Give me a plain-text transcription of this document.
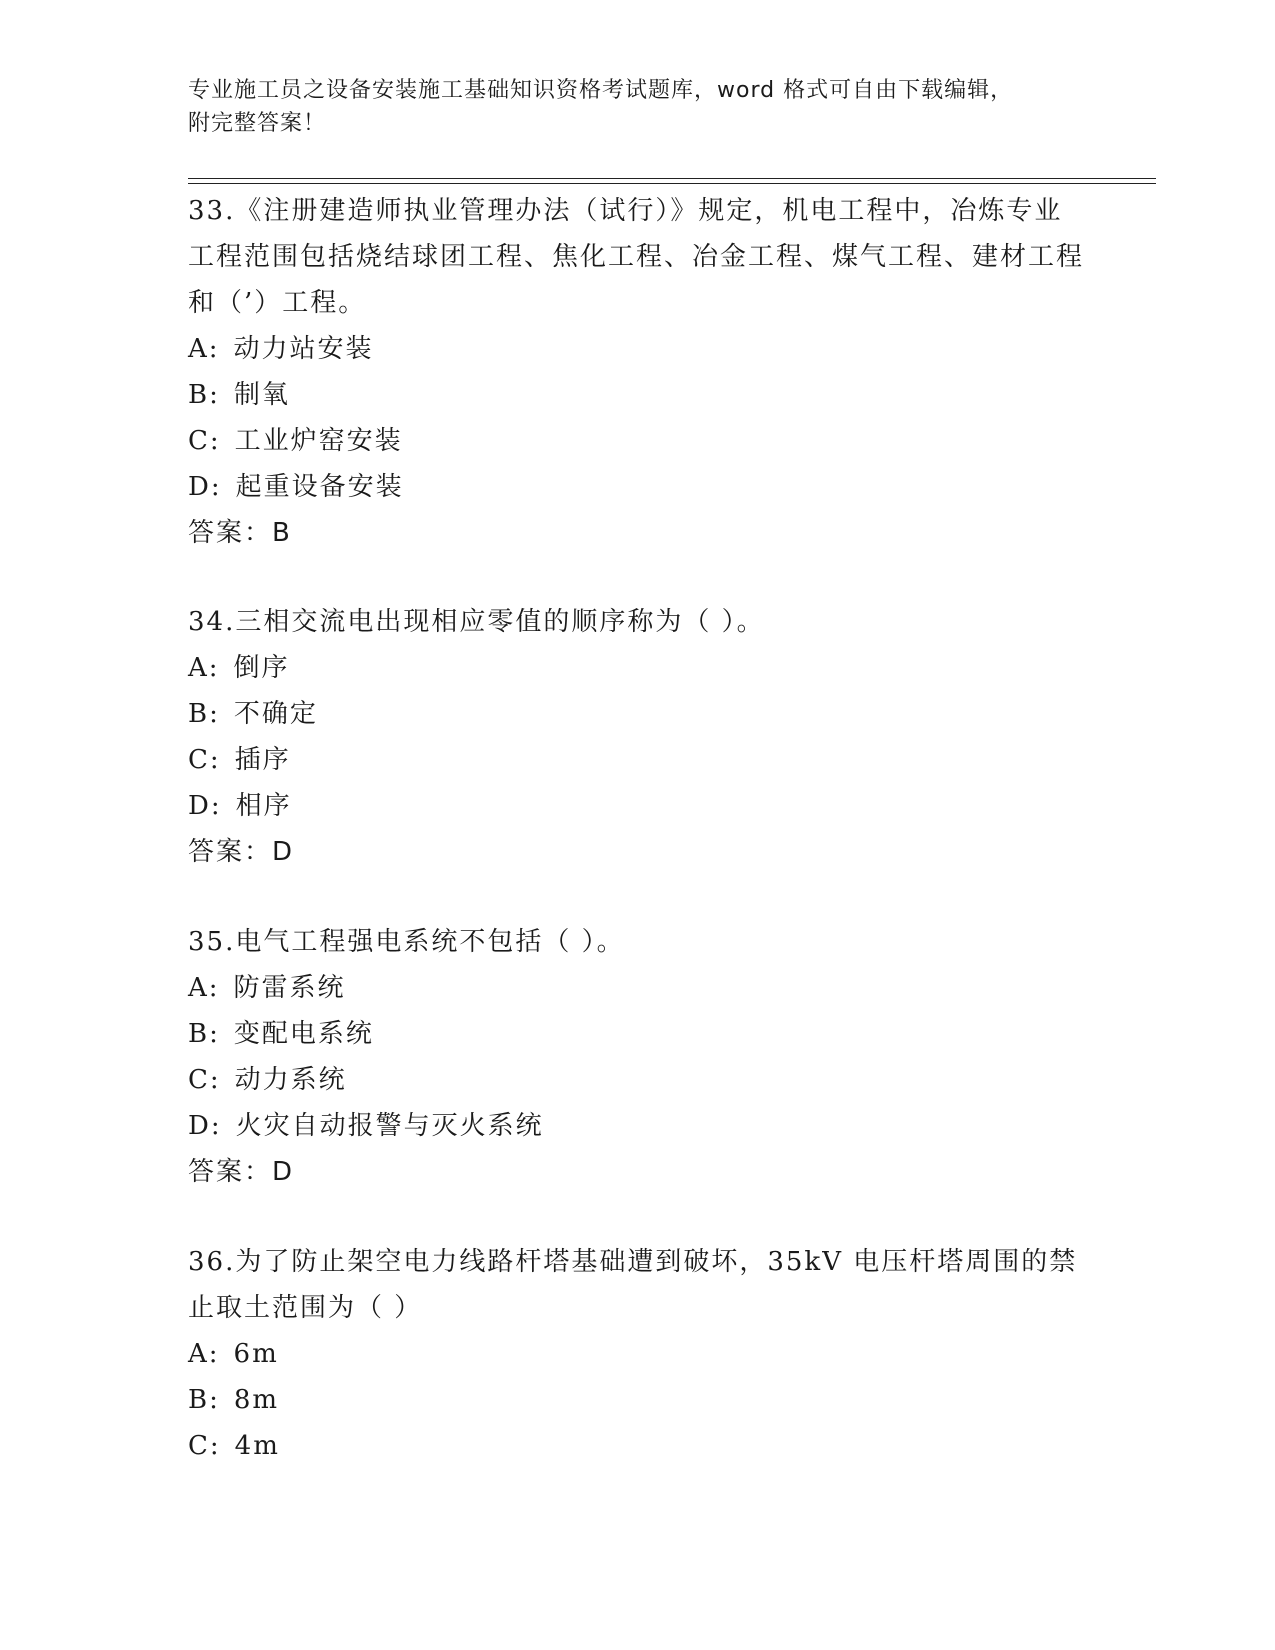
专业施工员之设备安装施工基础知识资格考试题库，word 格式可自由下载编辑，
附完整答案！

33.《注册建造师执业管理办法（试行）》规定，机电工程中，冶炼专业工程范围包括烧结球团工程、焦化工程、冶金工程、煤气工程、建材工程和（’）工程。

A: 动力站安装
B: 制氧
C: 工业炉窑安装
D: 起重设备安装
答案：B

34.三相交流电出现相应零值的顺序称为（ ）。

A: 倒序
B: 不确定
C: 插序
D: 相序
答案：D

35.电气工程强电系统不包括（ ）。

A: 防雷系统
B: 变配电系统
C: 动力系统
D: 火灾自动报警与灭火系统
答案：D

36.为了防止架空电力线路杆塔基础遭到破坏，35kV 电压杆塔周围的禁止取土范围为（ ）

A: 6m
B: 8m
C: 4m
